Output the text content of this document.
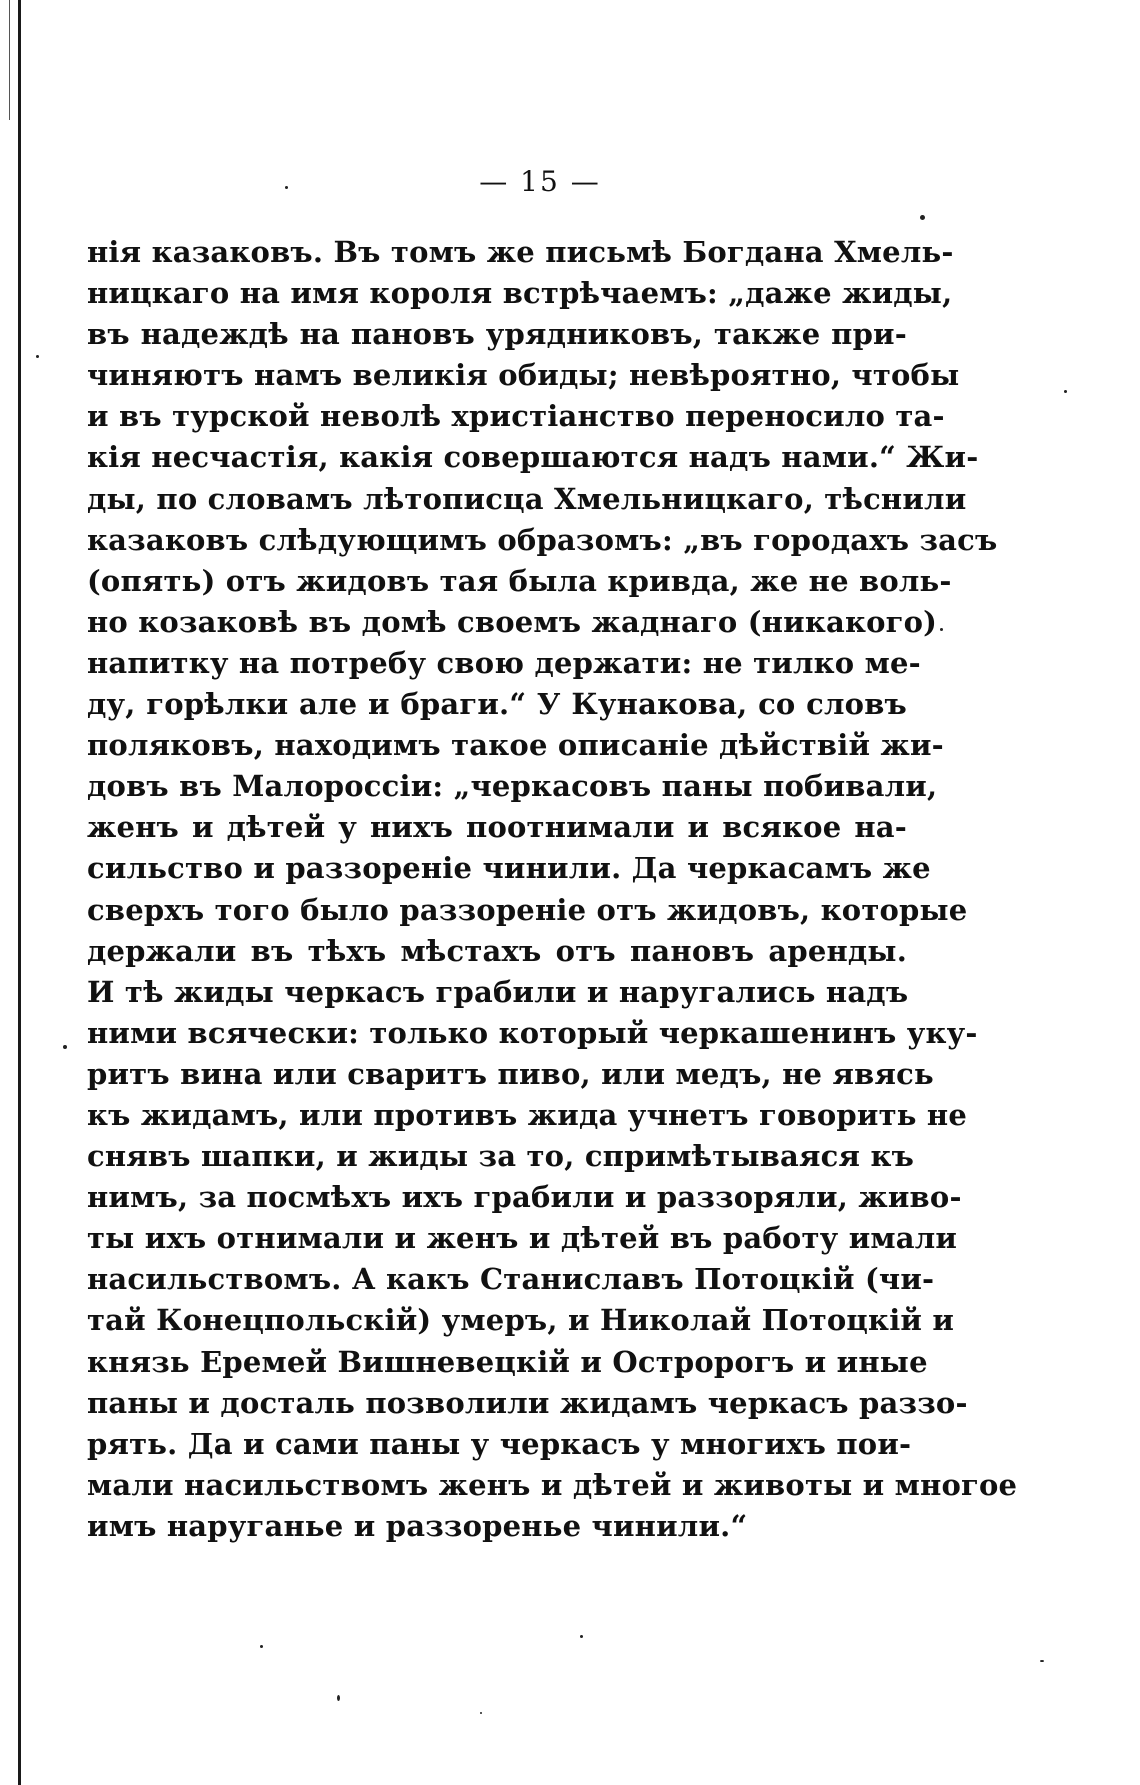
— 15 —
нія казаковъ. Въ томъ же письмѣ Богдана Хмель-
ницкаго на имя короля встрѣчаемъ: „даже жиды,
въ надеждѣ на пановъ урядниковъ, также при-
чиняютъ намъ великія обиды; невѣроятно, чтобы
и въ турской неволѣ христіанство переносило та-
кія несчастія, какія совершаются надъ нами.“ Жи-
ды, по словамъ лѣтописца Хмельницкаго, тѣснили
казаковъ слѣдующимъ образомъ: „въ городахъ засъ
(опять) отъ жидовъ тая была кривда, же не воль-
но козаковѣ въ домѣ своемъ жаднаго (никакого)
напитку на потребу свою держати: не тилко ме-
ду, горѣлки але и браги.“ У Кунакова, со словъ
поляковъ, находимъ такое описаніе дѣйствій жи-
довъ въ Малороссіи: „черкасовъ паны побивали,
женъ и дѣтей у нихъ поотнимали и всякое на-
сильство и раззореніе чинили. Да черкасамъ же
сверхъ того было раззореніе отъ жидовъ, которые
держали въ тѣхъ мѣстахъ отъ пановъ аренды.
И тѣ жиды черкасъ грабили и наругались надъ
ними всячески: только который черкашенинъ уку-
ритъ вина или сваритъ пиво, или медъ, не явясь
къ жидамъ, или противъ жида учнетъ говорить не
снявъ шапки, и жиды за то, спримѣтываяся къ
нимъ, за посмѣхъ ихъ грабили и раззоряли, живо-
ты ихъ отнимали и женъ и дѣтей въ работу имали
насильствомъ. А какъ Станиславъ Потоцкій (чи-
тай Конецпольскій) умеръ, и Николай Потоцкій и
князь Еремей Вишневецкій и Остророгъ и иные
паны и досталь позволили жидамъ черкасъ раззо-
рять. Да и сами паны у черкасъ у многихъ пои-
мали насильствомъ женъ и дѣтей и животы и многое
имъ наруганье и раззоренье чинили.“
